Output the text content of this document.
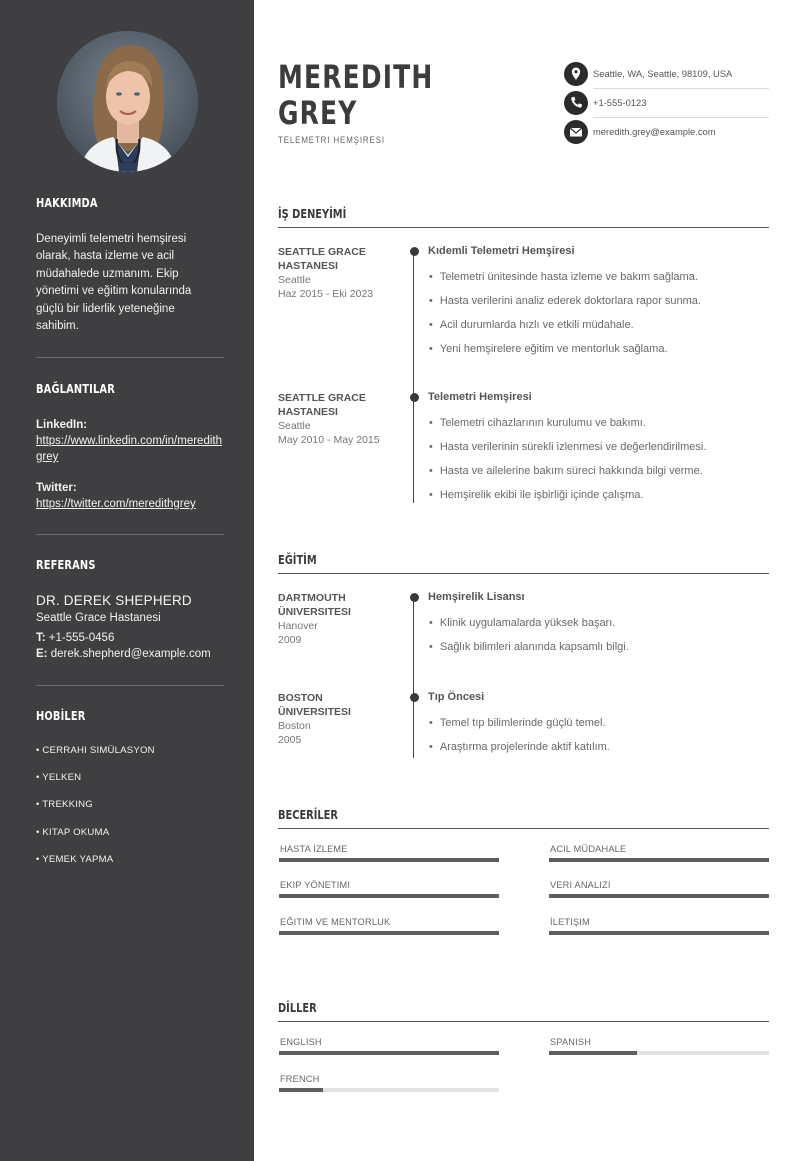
HAKKIMDA
Deneyimli telemetri hemşiresi olarak, hasta izleme ve acil müdahalede uzmanım. Ekip yönetimi ve eğitim konularında güçlü bir liderlik yeteneğine sahibim.
BAĞLANTILAR
LinkedIn:
https://www.linkedin.com/in/meredithgrey
Twitter:
https://twitter.com/meredithgrey
REFERANS
DR. DEREK SHEPHERD
Seattle Grace Hastanesi
T: +1-555-0456
E: derek.shepherd@example.com
HOBİLER
• CERRAHI SIMÜLASYON
• YELKEN
• TREKKING
• KITAP OKUMA
• YEMEK YAPMA
MEREDITH
GREY
TELEMETRI HEMŞIRESI
Seattle, WA, Seattle, 98109, USA
+1-555-0123
meredith.grey@example.com
İŞ DENEYİMİ
SEATTLE GRACE HASTANESI
Seattle
Haz 2015 - Eki 2023
Kıdemli Telemetri Hemşiresi
• Telemetri ünitesinde hasta izleme ve bakım sağlama.
• Hasta verilerini analiz ederek doktorlara rapor sunma.
• Acil durumlarda hızlı ve etkili müdahale.
• Yeni hemşirelere eğitim ve mentorluk sağlama.
SEATTLE GRACE HASTANESI
Seattle
May 2010 - May 2015
Telemetri Hemşiresi
• Telemetri cihazlarının kurulumu ve bakımı.
• Hasta verilerinin sürekli izlenmesi ve değerlendirilmesi.
• Hasta ve ailelerine bakım süreci hakkında bilgi verme.
• Hemşirelik ekibi ile işbirliği içinde çalışma.
EĞİTİM
DARTMOUTH ÜNIVERSITESI
Hanover
2009
Hemşirelik Lisansı
• Klinik uygulamalarda yüksek başarı.
• Sağlık bilimleri alanında kapsamlı bilgi.
BOSTON ÜNIVERSITESI
Boston
2005
Tıp Öncesi
• Temel tıp bilimlerinde güçlü temel.
• Araştırma projelerinde aktif katılım.
BECERİLER
HASTA İZLEME	ACIL MÜDAHALE
EKIP YÖNETIMI	VERI ANALIZI
EĞITIM VE MENTORLUK	İLETIŞIM
DİLLER
ENGLISH	SPANISH
FRENCH
